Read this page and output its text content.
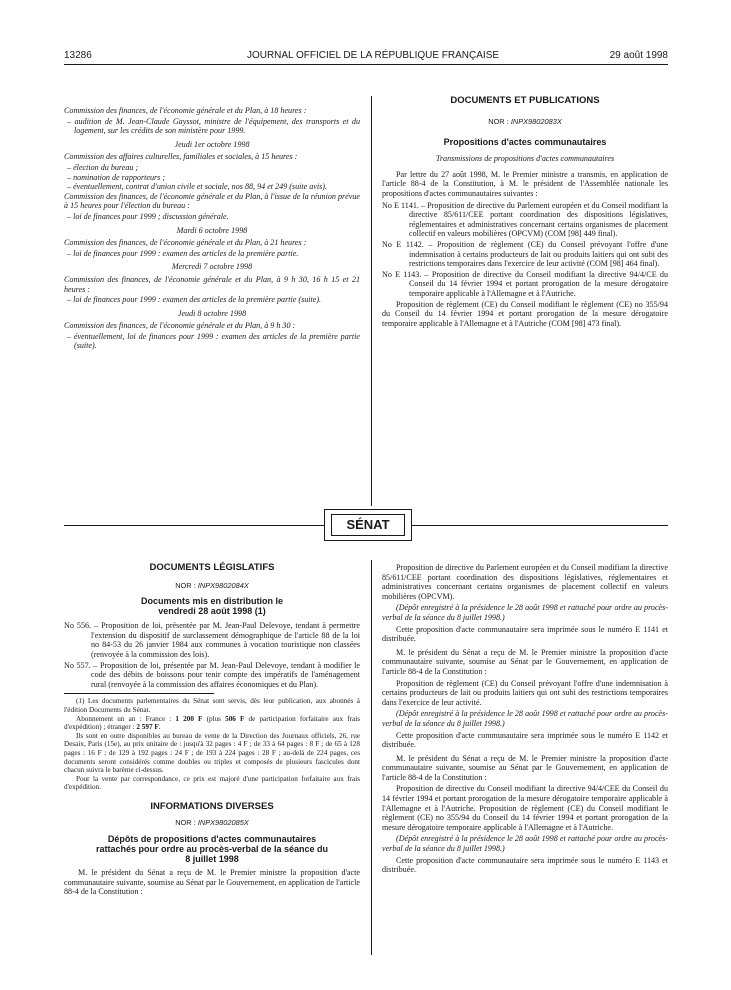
13286	JOURNAL OFFICIEL DE LA RÉPUBLIQUE FRANÇAISE	29 août 1998
Commission des finances, de l'économie générale et du Plan, à 18 heures :
– audition de M. Jean-Claude Gayssot, ministre de l'équipement, des transports et du logement, sur les crédits de son ministère pour 1999.
Jeudi 1er octobre 1998
Commission des affaires culturelles, familiales et sociales, à 15 heures :
– élection du bureau ;
– nomination de rapporteurs ;
– éventuellement, contrat d'union civile et sociale, nos 88, 94 et 249 (suite avis).
Commission des finances, de l'économie générale et du Plan, à l'issue de la réunion prévue à 15 heures pour l'élection du bureau :
– loi de finances pour 1999 ; discussion générale.
Mardi 6 octobre 1998
Commission des finances, de l'économie générale et du Plan, à 21 heures :
– loi de finances pour 1999 : examen des articles de la première partie.
Mercredi 7 octobre 1998
Commission des finances, de l'économie générale et du Plan, à 9 h 30, 16 h 15 et 21 heures :
– loi de finances pour 1999 : examen des articles de la première partie (suite).
Jeudi 8 octobre 1998
Commission des finances, de l'économie générale et du Plan, à 9 h 30 :
– éventuellement, loi de finances pour 1999 : examen des articles de la première partie (suite).
DOCUMENTS ET PUBLICATIONS
NOR : INPX9802083X
Propositions d'actes communautaires
Transmissions de propositions d'actes communautaires
Par lettre du 27 août 1998, M. le Premier ministre a transmis, en application de l'article 88-4 de la Constitution, à M. le président de l'Assemblée nationale les propositions d'actes communautaires suivantes :
No E 1141. – Proposition de directive du Parlement européen et du Conseil modifiant la directive 85/611/CEE portant coordination des dispositions législatives, réglementaires et administratives concernant certains organismes de placement collectif en valeurs mobilières (OPCVM) (COM [98] 449 final).
No E 1142. – Proposition de règlement (CE) du Conseil prévoyant l'offre d'une indemnisation à certains producteurs de lait ou produits laitiers qui ont subi des restrictions temporaires dans l'exercice de leur activité (COM [98] 464 final).
No E 1143. – Proposition de directive du Conseil modifiant la directive 94/4/CE du Conseil du 14 février 1994 et portant prorogation de la mesure dérogatoire temporaire applicable à l'Allemagne et à l'Autriche.
Proposition de règlement (CE) du Conseil modifiant le règlement (CE) no 355/94 du Conseil du 14 février 1994 et portant prorogation de la mesure dérogatoire temporaire applicable à l'Allemagne et à l'Autriche (COM [98] 473 final).
SÉNAT
DOCUMENTS LÉGISLATIFS
NOR : INPX9802084X
Documents mis en distribution le vendredi 28 août 1998 (1)
No 556. – Proposition de loi, présentée par M. Jean-Paul Delevoye, tendant à permettre l'extension du dispositif de surclassement démographique de l'article 88 de la loi no 84-53 du 26 janvier 1984 aux communes à vocation touristique non classées (renvoyée à la commission des lois).
No 557. – Proposition de loi, présentée par M. Jean-Paul Delevoye, tendant à modifier le code des débits de boissons pour tenir compte des impératifs de l'aménagement rural (renvoyée à la commission des affaires économiques et du Plan).
(1) Les documents parlementaires du Sénat sont servis, dès leur publication, aux abonnés à l'édition Documents du Sénat.
Abonnement un an : France : 1 200 F (plus 506 F de participation forfaitaire aux frais d'expédition) ; étranger : 2 597 F.
Ils sont en outre disponibles au bureau de vente de la Direction des Journaux officiels, 26, rue Desaix, Paris (15e), au prix unitaire de : jusqu'à 32 pages : 4 F ; de 33 à 64 pages : 8 F ; de 65 à 128 pages : 16 F ; de 129 à 192 pages : 24 F ; de 193 à 224 pages : 28 F ; au-delà de 224 pages, ces documents seront considérés comme doubles ou triples et composés de plusieurs fascicules dont chacun suivra le barème ci-dessus.
Pour la vente par correspondance, ce prix est majoré d'une participation forfaitaire aux frais d'expédition.
INFORMATIONS DIVERSES
NOR : INPX9802085X
Dépôts de propositions d'actes communautaires rattachés pour ordre au procès-verbal de la séance du 8 juillet 1998
M. le président du Sénat a reçu de M. le Premier ministre la proposition d'acte communautaire suivante, soumise au Sénat par le Gouvernement, en application de l'article 88-4 de la Constitution :
Proposition de directive du Parlement européen et du Conseil modifiant la directive 85/611/CEE portant coordination des dispositions législatives, réglementaires et administratives concernant certains organismes de placement collectif en valeurs mobilières (OPCVM).
(Dépôt enregistré à la présidence le 28 août 1998 et rattaché pour ordre au procès-verbal de la séance du 8 juillet 1998.)
Cette proposition d'acte communautaire sera imprimée sous le numéro E 1141 et distribuée.
M. le président du Sénat a reçu de M. le Premier ministre la proposition d'acte communautaire suivante, soumise au Sénat par le Gouvernement, en application de l'article 88-4 de la Constitution :
Proposition de règlement (CE) du Conseil prévoyant l'offre d'une indemnisation à certains producteurs de lait ou produits laitiers qui ont subi des restrictions temporaires dans l'exercice de leur activité.
(Dépôt enregistré à la présidence le 28 août 1998 et rattaché pour ordre au procès-verbal de la séance du 8 juillet 1998.)
Cette proposition d'acte communautaire sera imprimée sous le numéro E 1142 et distribuée.
M. le président du Sénat a reçu de M. le Premier ministre la proposition d'acte communautaire suivante, soumise au Sénat par le Gouvernement, en application de l'article 88-4 de la Constitution :
Proposition de directive du Conseil modifiant la directive 94/4/CEE du Conseil du 14 février 1994 et portant prorogation de la mesure dérogatoire temporaire applicable à l'Allemagne et à l'Autriche. Proposition de règlement (CE) du Conseil modifiant le règlement (CE) no 355/94 du Conseil du 14 février 1994 et portant prorogation de la mesure dérogatoire temporaire applicable à l'Allemagne et à l'Autriche.
(Dépôt enregistré à la présidence le 28 août 1998 et rattaché pour ordre au procès-verbal de la séance du 8 juillet 1998.)
Cette proposition d'acte communautaire sera imprimée sous le numéro E 1143 et distribuée.
